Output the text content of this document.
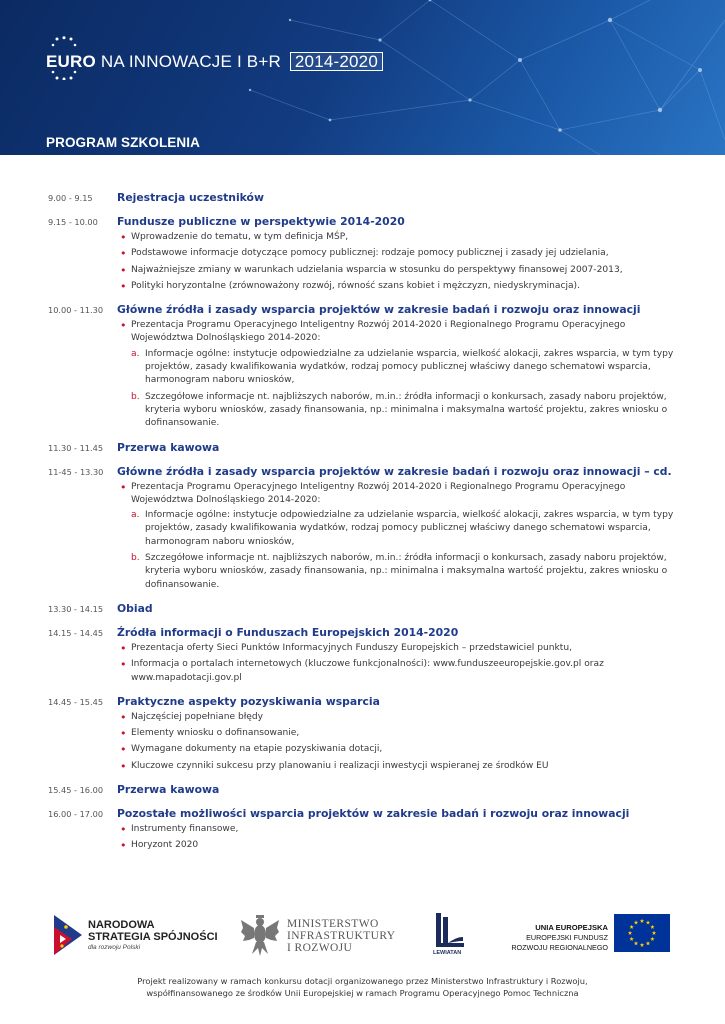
EURO NA INNOWACJE I B+R 2014-2020
PROGRAM SZKOLENIA
9.00 - 9.15	Rejestracja uczestników
9.15 - 10.00	Fundusze publiczne w perspektywie 2014-2020
• Wprowadzenie do tematu, w tym definicja MŚP,
• Podstawowe informacje dotyczące pomocy publicznej: rodzaje pomocy publicznej i zasady jej udzielania,
• Najważniejsze zmiany w warunkach udzielania wsparcia w stosunku do perspektywy finansowej 2007-2013,
• Polityki horyzontalne (zrównoważony rozwój, równość szans kobiet i mężczyzn, niedyskryminacja).
10.00 - 11.30	Główne źródła i zasady wsparcia projektów w zakresie badań i rozwoju oraz innowacji
• Prezentacja Programu Operacyjnego Inteligentny Rozwój 2014-2020 i Regionalnego Programu Operacyjnego Województwa Dolnośląskiego 2014-2020:
a. Informacje ogólne: instytucje odpowiedzialne za udzielanie wsparcia, wielkość alokacji, zakres wsparcia, w tym typy projektów, zasady kwalifikowania wydatków, rodzaj pomocy publicznej właściwy danego schematowi wsparcia, harmonogram naboru wniosków,
b. Szczegółowe informacje nt. najbliższych naborów, m.in.: źródła informacji o konkursach, zasady naboru projektów, kryteria wyboru wniosków, zasady finansowania, np.: minimalna i maksymalna wartość projektu, zakres wniosku o dofinansowanie.
11.30 - 11.45	Przerwa kawowa
11-45 - 13.30	Główne źródła i zasady wsparcia projektów w zakresie badań i rozwoju oraz innowacji – cd.
• Prezentacja Programu Operacyjnego Inteligentny Rozwój 2014-2020 i Regionalnego Programu Operacyjnego Województwa Dolnośląskiego 2014-2020:
a. Informacje ogólne: instytucje odpowiedzialne za udzielanie wsparcia, wielkość alokacji, zakres wsparcia, w tym typy projektów, zasady kwalifikowania wydatków, rodzaj pomocy publicznej właściwy danego schematowi wsparcia, harmonogram naboru wniosków,
b. Szczegółowe informacje nt. najbliższych naborów, m.in.: źródła informacji o konkursach, zasady naboru projektów, kryteria wyboru wniosków, zasady finansowania, np.: minimalna i maksymalna wartość projektu, zakres wniosku o dofinansowanie.
13.30 - 14.15	Obiad
14.15 - 14.45	Źródła informacji o Funduszach Europejskich 2014-2020
• Prezentacja oferty Sieci Punktów Informacyjnych Funduszy Europejskich – przedstawiciel punktu,
• Informacja o portalach internetowych (kluczowe funkcjonalności): www.funduszeeuropejskie.gov.pl oraz www.mapadotacji.gov.pl
14.45 - 15.45	Praktyczne aspekty pozyskiwania wsparcia
• Najczęściej popełniane błędy
• Elementy wniosku o dofinansowanie,
• Wymagane dokumenty na etapie pozyskiwania dotacji,
• Kluczowe czynniki sukcesu przy planowaniu i realizacji inwestycji wspieranej ze środków EU
15.45 - 16.00	Przerwa kawowa
16.00 - 17.00	Pozostałe możliwości wsparcia projektów w zakresie badań i rozwoju oraz innowacji
• Instrumenty finansowe,
• Horyzont 2020
NARODOWA
STRATEGIA SPÓJNOŚCI
dla rozwoju Polski
MINISTERSTWO
INFRASTRUKTURY
I ROZWOJU	LEWIATAN
UNIA EUROPEJSKA
EUROPEJSKI FUNDUSZ
ROZWOJU REGIONALNEGO
Projekt realizowany w ramach konkursu dotacji organizowanego przez Ministerstwo Infrastruktury i Rozwoju,
współfinansowanego ze środków Unii Europejskiej w ramach Programu Operacyjnego Pomoc Techniczna
